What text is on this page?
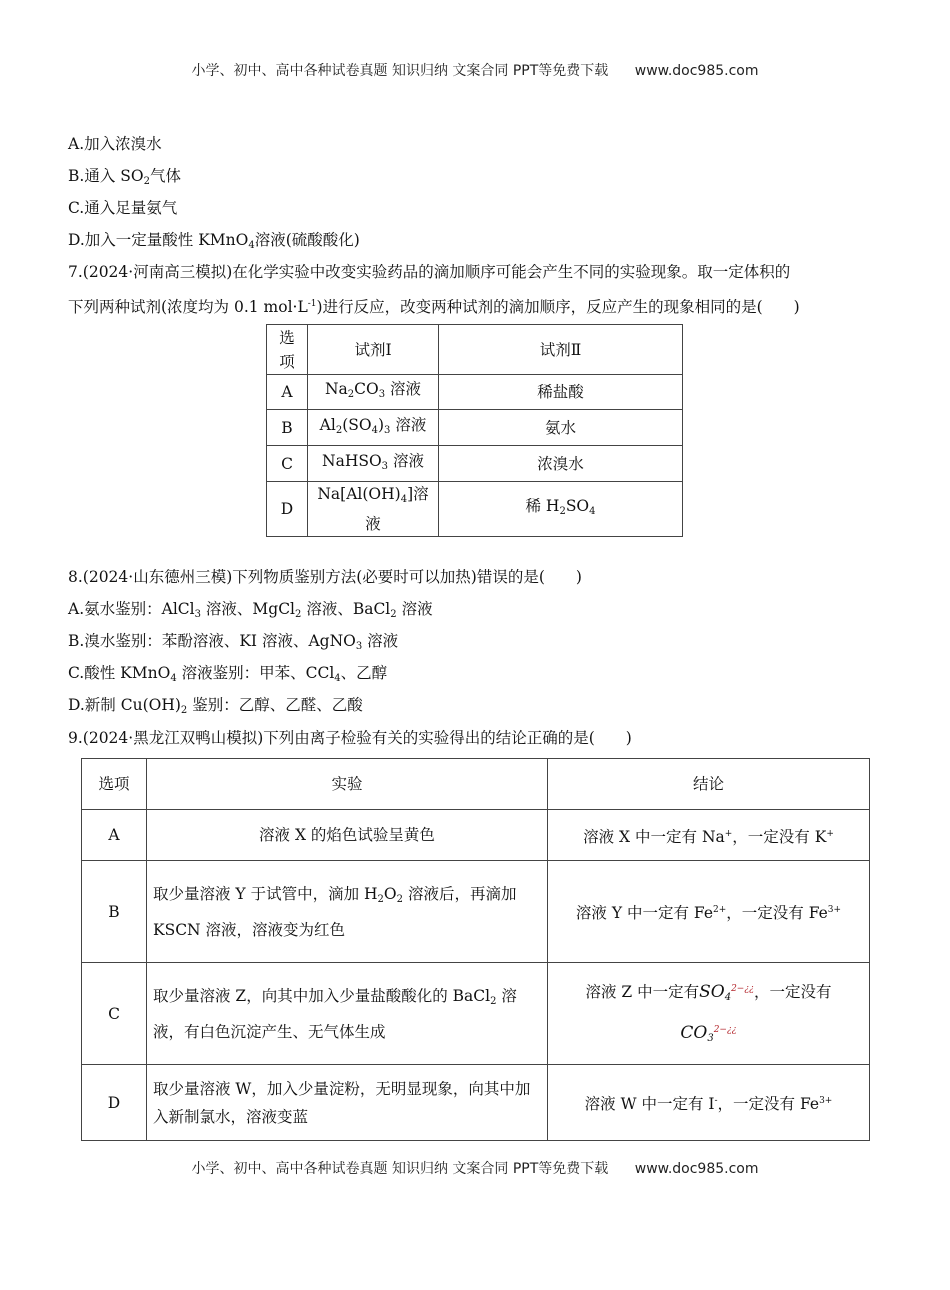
小学、初中、高中各种试卷真题 知识归纳 文案合同 PPT等免费下载 www.doc985.com
A.加入浓溴水
B.通入 $SO_2$气体
C.通入足量氨气
D.加入一定量酸性 KMnO$_4$溶液(硫酸酸化)
7.(2024·河南高三模拟)在化学实验中改变实验药品的滴加顺序可能会产生不同的实验现象。取一定体积的
下列两种试剂(浓度均为 0.1 $mol\cdot L^{-1}$)进行反应，改变两种试剂的滴加顺序，反应产生的现象相同的是(　　)
选项	试剂Ⅰ	试剂Ⅱ
A	$Na_2CO_3$ 溶液	稀盐酸
B	$Al_2(SO_4)_3$ 溶液	氨水
C	NaHSO$_3$ 溶液	浓溴水
D	$Na[Al(OH)_4]$溶液	稀 $H_2SO_4$
8.(2024·山东德州三模)下列物质鉴别方法(必要时可以加热)错误的是(　　)
A.氨水鉴别：AlCl$_3$ 溶液、MgCl$_2$ 溶液、BaCl$_2$ 溶液
B.溴水鉴别：苯酚溶液、KI 溶液、AgNO$_3$ 溶液
C.酸性 KMnO$_4$ 溶液鉴别：甲苯、CCl$_4$、乙醇
D.新制 $Cu(OH)_2$ 鉴别：乙醇、乙醛、乙酸
9.(2024·黑龙江双鸭山模拟)下列由离子检验有关的实验得出的结论正确的是(　　)
选项	实验	结论
A	溶液 X 的焰色试验呈黄色	溶液 X 中一定有 Na+，一定没有 K+
B	取少量溶液 Y 于试管中，滴加 $H_2O_2$ 溶液后，再滴加 KSCN 溶液，溶液变为红色	溶液 Y 中一定有 $Fe^{2+}$，一定没有 $Fe^{3+}$
C	取少量溶液 Z，向其中加入少量盐酸酸化的 BaCl$_2$ 溶液，有白色沉淀产生、无气体生成	溶液 Z 中一定有$SO_4^{2-¿¿}$，一定没有
$CO_3^{2-¿¿}$
D	取少量溶液 W，加入少量淀粉，无明显现象，向其中加入新制氯水，溶液变蓝	溶液 W 中一定有 I-，一定没有 $Fe^{3+}$
小学、初中、高中各种试卷真题 知识归纳 文案合同 PPT等免费下载 www.doc985.com
